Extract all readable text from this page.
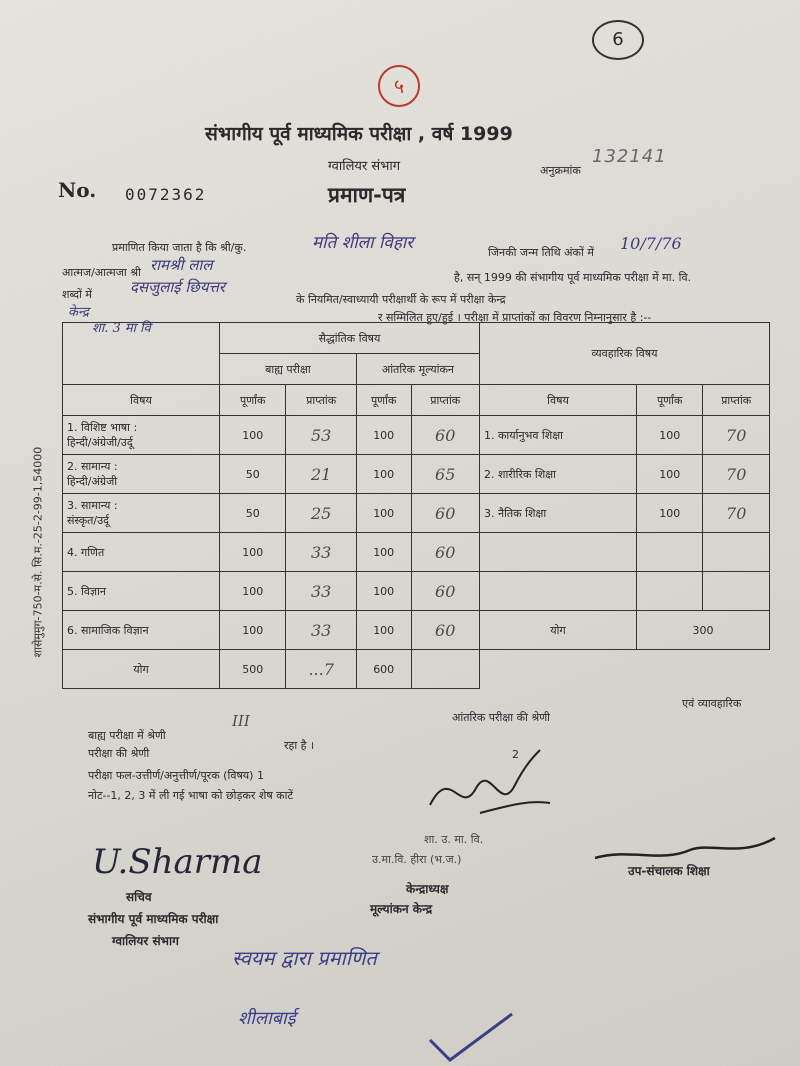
6
५
संभागीय पूर्व माध्यमिक परीक्षा , वर्ष 1999
ग्वालियर संभाग	अनुक्रमांक
132141
No. 0072362	प्रमाण-पत्र
प्रमाणित किया जाता है कि श्री/कु.	मति शीला विहार	जिनकी जन्म तिथि अंकों में 10/7/76
आत्मज/आत्मजा श्री रामश्री लाल
है, सन् 1999 की संभागीय पूर्व माध्यमिक परीक्षा में मा. वि.
शब्दों में	दसजुलाई छियत्तर
के नियमित/स्वाध्यायी परीक्षार्थी के रूप में परीक्षा केन्द्र
केन्द्र	र सम्मिलित हुए/हुई । परीक्षा में प्राप्तांकों का विवरण निम्नानुसार है :--
शा. 3 मा वि
	सैद्धांतिक विषय				व्यवहारिक विषय		
	बाह्य परीक्षा		आंतरिक मूल्यांकन				
विषय	पूर्णांक	प्राप्तांक	पूर्णांक	प्राप्तांक	विषय	पूर्णांक	प्राप्तांक
1. विशिष्ट भाषा :
हिन्दी/अंग्रेजी/उर्दू	100	53	100	60	1. कार्यानुभव शिक्षा	100	70
2. सामान्य :
हिन्दी/अंग्रेजी	50	21	100	65	2. शारीरिक शिक्षा	100	70
3. सामान्य :
संस्कृत/उर्दू	50	25	100	60	3. नैतिक शिक्षा	100	70
4. गणित	100	33	100	60			
5. विज्ञान	100	33	100	60			
6. सामाजिक विज्ञान	100	33	100	60	योग	300	
योग	500	...7	600				
बाह्य परीक्षा में श्रेणी
III	आंतरिक परीक्षा की श्रेणी
एवं व्यावहारिक
परीक्षा की श्रेणी
रहा है ।
परीक्षा फल-उत्तीर्ण/अनुत्तीर्ण/पूरक (विषय) 1
2
नोट--1, 2, 3 में ली गई भाषा को छोड़कर शेष काटें
शा. उ. मा. वि.
उ.मा.वि. हीरा (भ.ज.)
U.Sharma
सचिव
संभागीय पूर्व माध्यमिक परीक्षा
ग्वालियर संभाग
केन्द्राध्यक्ष
मूल्यांकन केन्द्र
उप-संचालक शिक्षा
स्वयम द्वारा प्रमाणित
शीलाबाई
शासेमुमुग-750-म.से. सि.म.-25-2-99-1,54000
